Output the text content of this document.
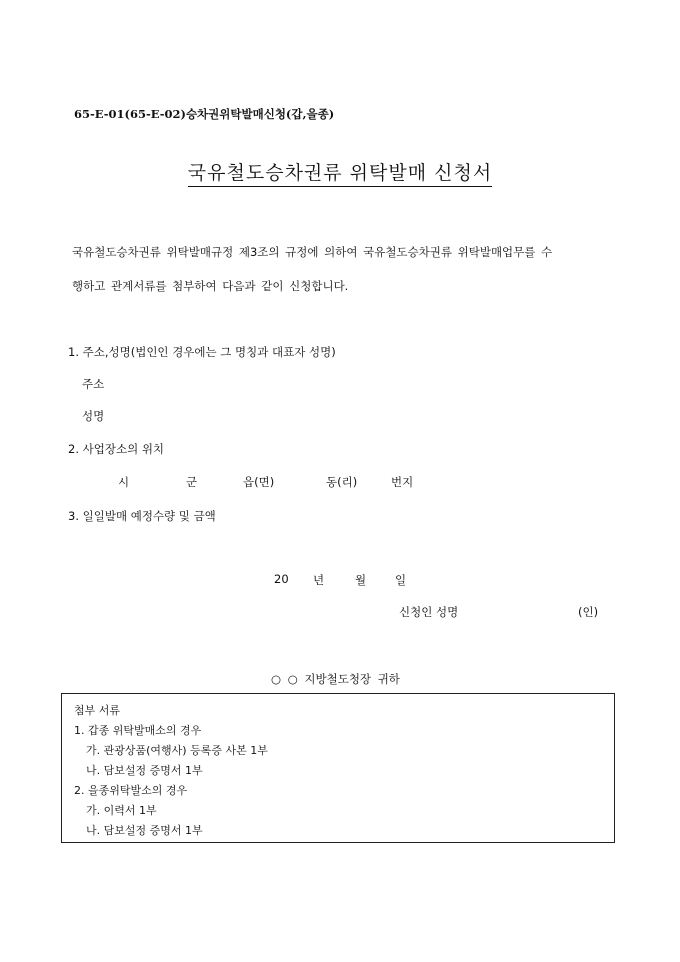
65-E-01(65-E-02)승차권위탁발매신청(갑,을종)
국유철도승차권류 위탁발매 신청서
국유철도승차권류 위탁발매규정 제3조의 규정에 의하여 국유철도승차권류 위탁발매업무를 수
행하고 관계서류를 첨부하여 다음과 같이 신청합니다.
1. 주소,성명(법인인 경우에는 그 명칭과 대표자 성명)
주소
성명
2. 사업장소의 위치
시	군	읍(면)	동(리)	번지
3. 일일발매 예정수량 및 금액
20 년	월	일
신청인 성명	(인)
○ ○ 지방철도청장 귀하
첨부 서류
1. 갑종 위탁발매소의 경우
가. 관광상품(여행사) 등록증 사본 1부
나. 담보설정 증명서 1부
2. 을종위탁발소의 경우
가. 이력서 1부
나. 담보설정 증명서 1부
